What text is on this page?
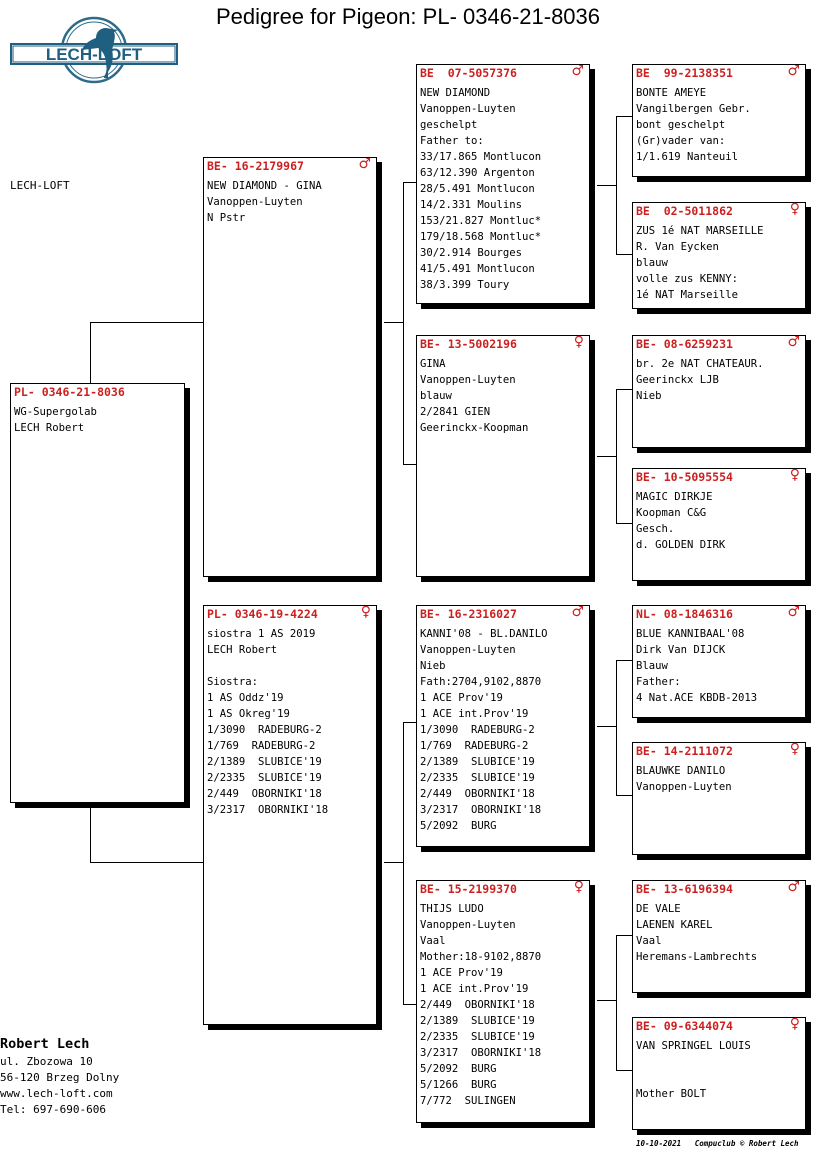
Pedigree for Pigeon: PL- 0346-21-8036
LECH-LOFT
LECH-LOFT
PL- 0346-21-8036
WG-Supergolab
LECH Robert
BE- 16-2179967	♂
NEW DIAMOND - GINA
Vanoppen-Luyten
N Pstr
PL- 0346-19-4224	♀
siostra 1 AS 2019
LECH Robert

Siostra:
1 AS Oddz'19
1 AS Okreg'19
1/3090  RADEBURG-2
1/769  RADEBURG-2
2/1389  SLUBICE'19
2/2335  SLUBICE'19
2/449  OBORNIKI'18
3/2317  OBORNIKI'18
BE  07-5057376	♂
NEW DIAMOND
Vanoppen-Luyten
geschelpt
Father to:
33/17.865 Montlucon
63/12.390 Argenton
28/5.491 Montlucon
14/2.331 Moulins
153/21.827 Montluc*
179/18.568 Montluc*
30/2.914 Bourges
41/5.491 Montlucon
38/3.399 Toury
BE- 13-5002196	♀
GINA
Vanoppen-Luyten
blauw
2/2841 GIEN
Geerinckx-Koopman
BE- 16-2316027	♂
KANNI'08 - BL.DANILO
Vanoppen-Luyten
Nieb
Fath:2704,9102,8870
1 ACE Prov'19
1 ACE int.Prov'19
1/3090  RADEBURG-2
1/769  RADEBURG-2
2/1389  SLUBICE'19
2/2335  SLUBICE'19
2/449  OBORNIKI'18
3/2317  OBORNIKI'18
5/2092  BURG
BE- 15-2199370	♀
THIJS LUDO
Vanoppen-Luyten
Vaal
Mother:18-9102,8870
1 ACE Prov'19
1 ACE int.Prov'19
2/449  OBORNIKI'18
2/1389  SLUBICE'19
2/2335  SLUBICE'19
3/2317  OBORNIKI'18
5/2092  BURG
5/1266  BURG
7/772  SULINGEN
BE  99-2138351	♂
BONTE AMEYE
Vangilbergen Gebr.
bont geschelpt
(Gr)vader van:
1/1.619 Nanteuil
BE  02-5011862	♀
ZUS 1é NAT MARSEILLE
R. Van Eycken
blauw
volle zus KENNY:
1é NAT Marseille
BE- 08-6259231	♂
br. 2e NAT CHATEAUR.
Geerinckx LJB
Nieb
BE- 10-5095554	♀
MAGIC DIRKJE
Koopman C&G
Gesch.
d. GOLDEN DIRK
NL- 08-1846316	♂
BLUE KANNIBAAL'08
Dirk Van DIJCK
Blauw
Father:
4 Nat.ACE KBDB-2013
BE- 14-2111072	♀
BLAUWKE DANILO
Vanoppen-Luyten
BE- 13-6196394	♂
DE VALE
LAENEN KAREL
Vaal
Heremans-Lambrechts
BE- 09-6344074	♀
VAN SPRINGEL LOUIS

Mother BOLT
Robert Lech
ul. Zbozowa 10
56-120 Brzeg Dolny
www.lech-loft.com
Tel: 697-690-606
10-10-2021 Compuclub © Robert Lech
